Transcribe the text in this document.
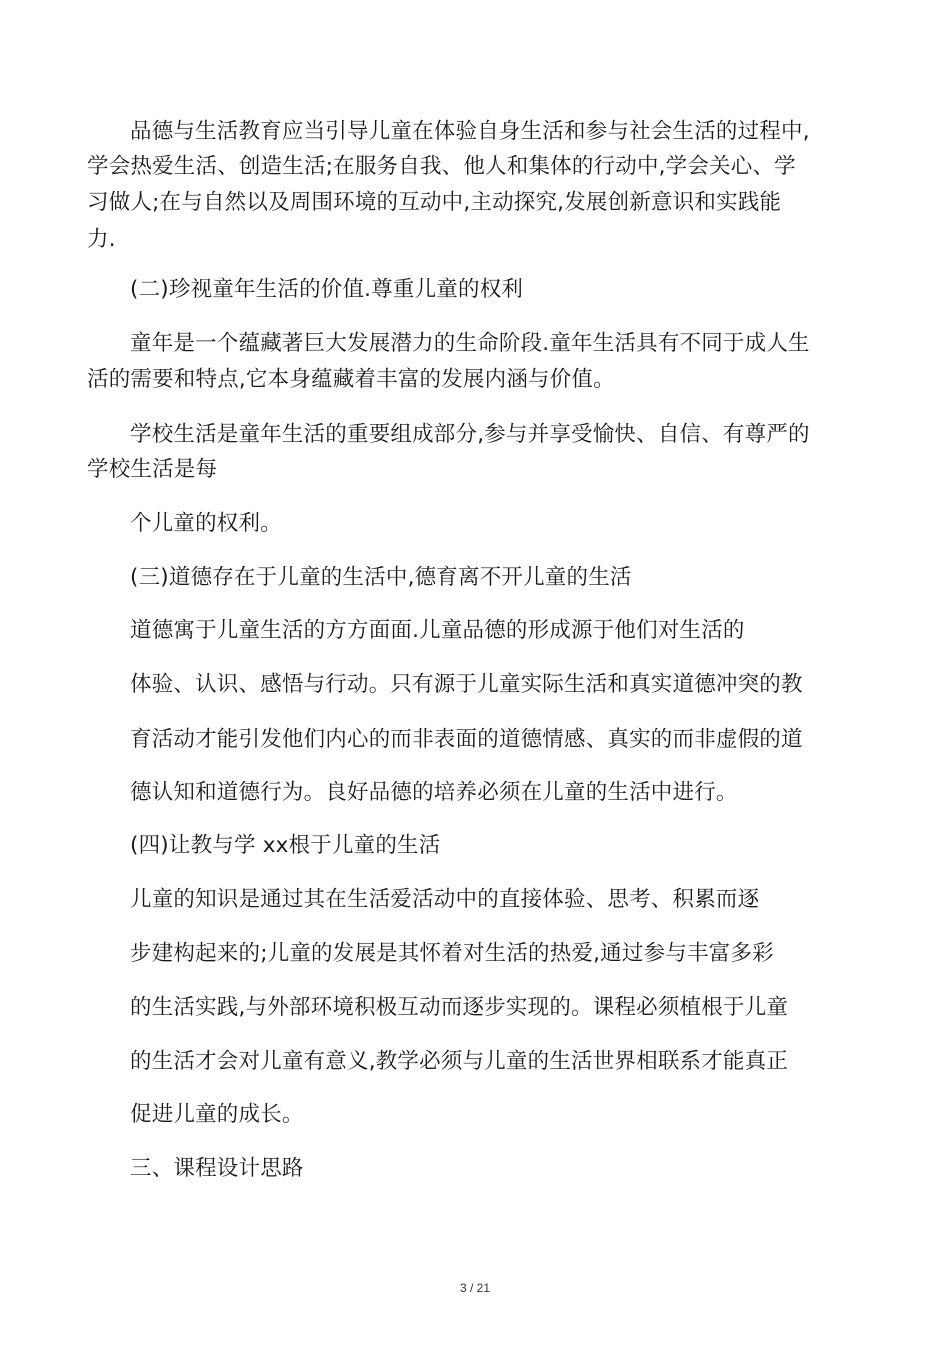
品德与生活教育应当引导儿童在体验自身生活和参与社会生活的过程中,
学会热爱生活、创造生活;在服务自我、他人和集体的行动中,学会关心、学
习做人;在与自然以及周围环境的互动中,主动探究,发展创新意识和实践能
力.
(二)珍视童年生活的价值.尊重儿童的权利
童年是一个蕴藏著巨大发展潜力的生命阶段.童年生活具有不同于成人生
活的需要和特点,它本身蕴藏着丰富的发展内涵与价值。
学校生活是童年生活的重要组成部分,参与并享受愉快、自信、有尊严的
学校生活是每
个儿童的权利。
(三)道德存在于儿童的生活中,德育离不开儿童的生活
道德寓于儿童生活的方方面面.儿童品德的形成源于他们对生活的
体验、认识、感悟与行动。只有源于儿童实际生活和真实道德冲突的教
育活动才能引发他们内心的而非表面的道德情感、真实的而非虚假的道
德认知和道德行为。良好品德的培养必须在儿童的生活中进行。
(四)让教与学 xx根于儿童的生活
儿童的知识是通过其在生活爱活动中的直接体验、思考、积累而逐
步建构起来的;儿童的发展是其怀着对生活的热爱,通过参与丰富多彩
的生活实践,与外部环境积极互动而逐步实现的。课程必须植根于儿童
的生活才会对儿童有意义,教学必须与儿童的生活世界相联系才能真正
促进儿童的成长。
三、课程设计思路
3 / 21
